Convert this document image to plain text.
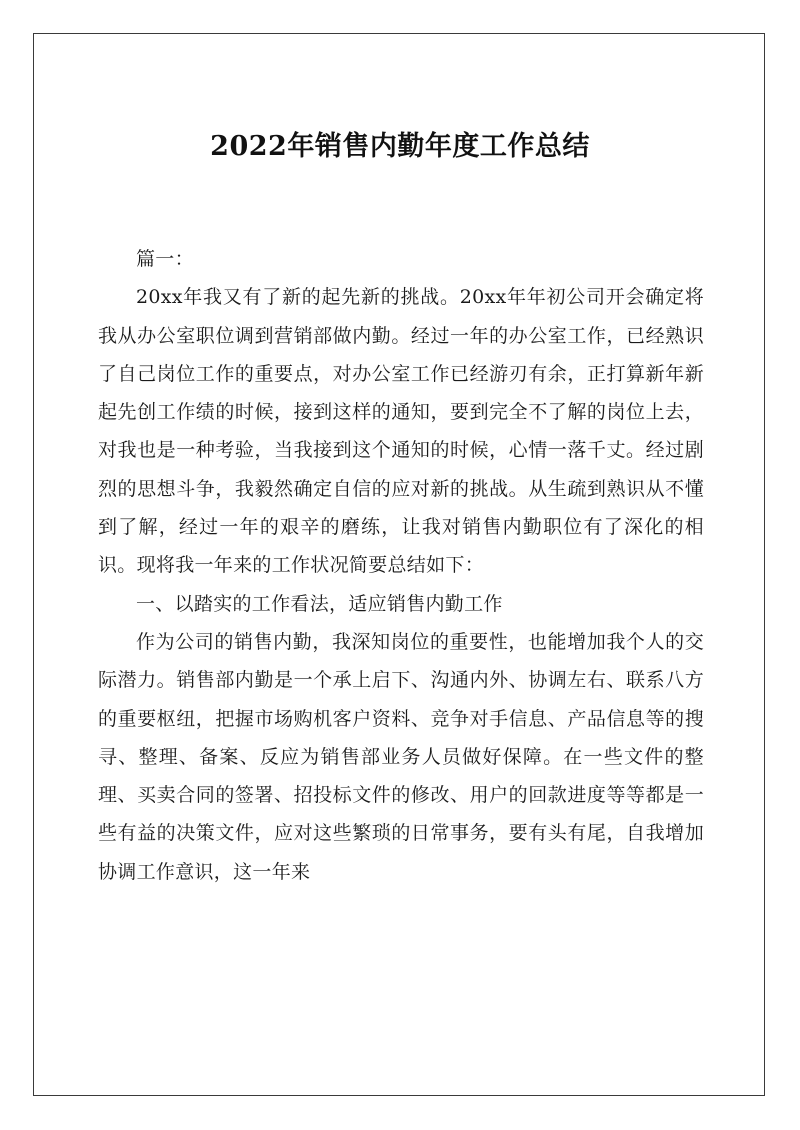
2022年销售内勤年度工作总结

篇一：

20xx年我又有了新的起先新的挑战。20xx年年初公司开会确定将我从办公室职位调到营销部做内勤。经过一年的办公室工作，已经熟识了自己岗位工作的重要点，对办公室工作已经游刃有余，正打算新年新起先创工作绩的时候，接到这样的通知，要到完全不了解的岗位上去，对我也是一种考验，当我接到这个通知的时候，心情一落千丈。经过剧烈的思想斗争，我毅然确定自信的应对新的挑战。从生疏到熟识从不懂到了解，经过一年的艰辛的磨练，让我对销售内勤职位有了深化的相识。现将我一年来的工作状况简要总结如下：

一、以踏实的工作看法，适应销售内勤工作

作为公司的销售内勤，我深知岗位的重要性，也能增加我个人的交际潜力。销售部内勤是一个承上启下、沟通内外、协调左右、联系八方的重要枢纽，把握市场购机客户资料、竞争对手信息、产品信息等的搜寻、整理、备案、反应为销售部业务人员做好保障。在一些文件的整理、买卖合同的签署、招投标文件的修改、用户的回款进度等等都是一些有益的决策文件，应对这些繁琐的日常事务，要有头有尾，自我增加协调工作意识，这一年来
